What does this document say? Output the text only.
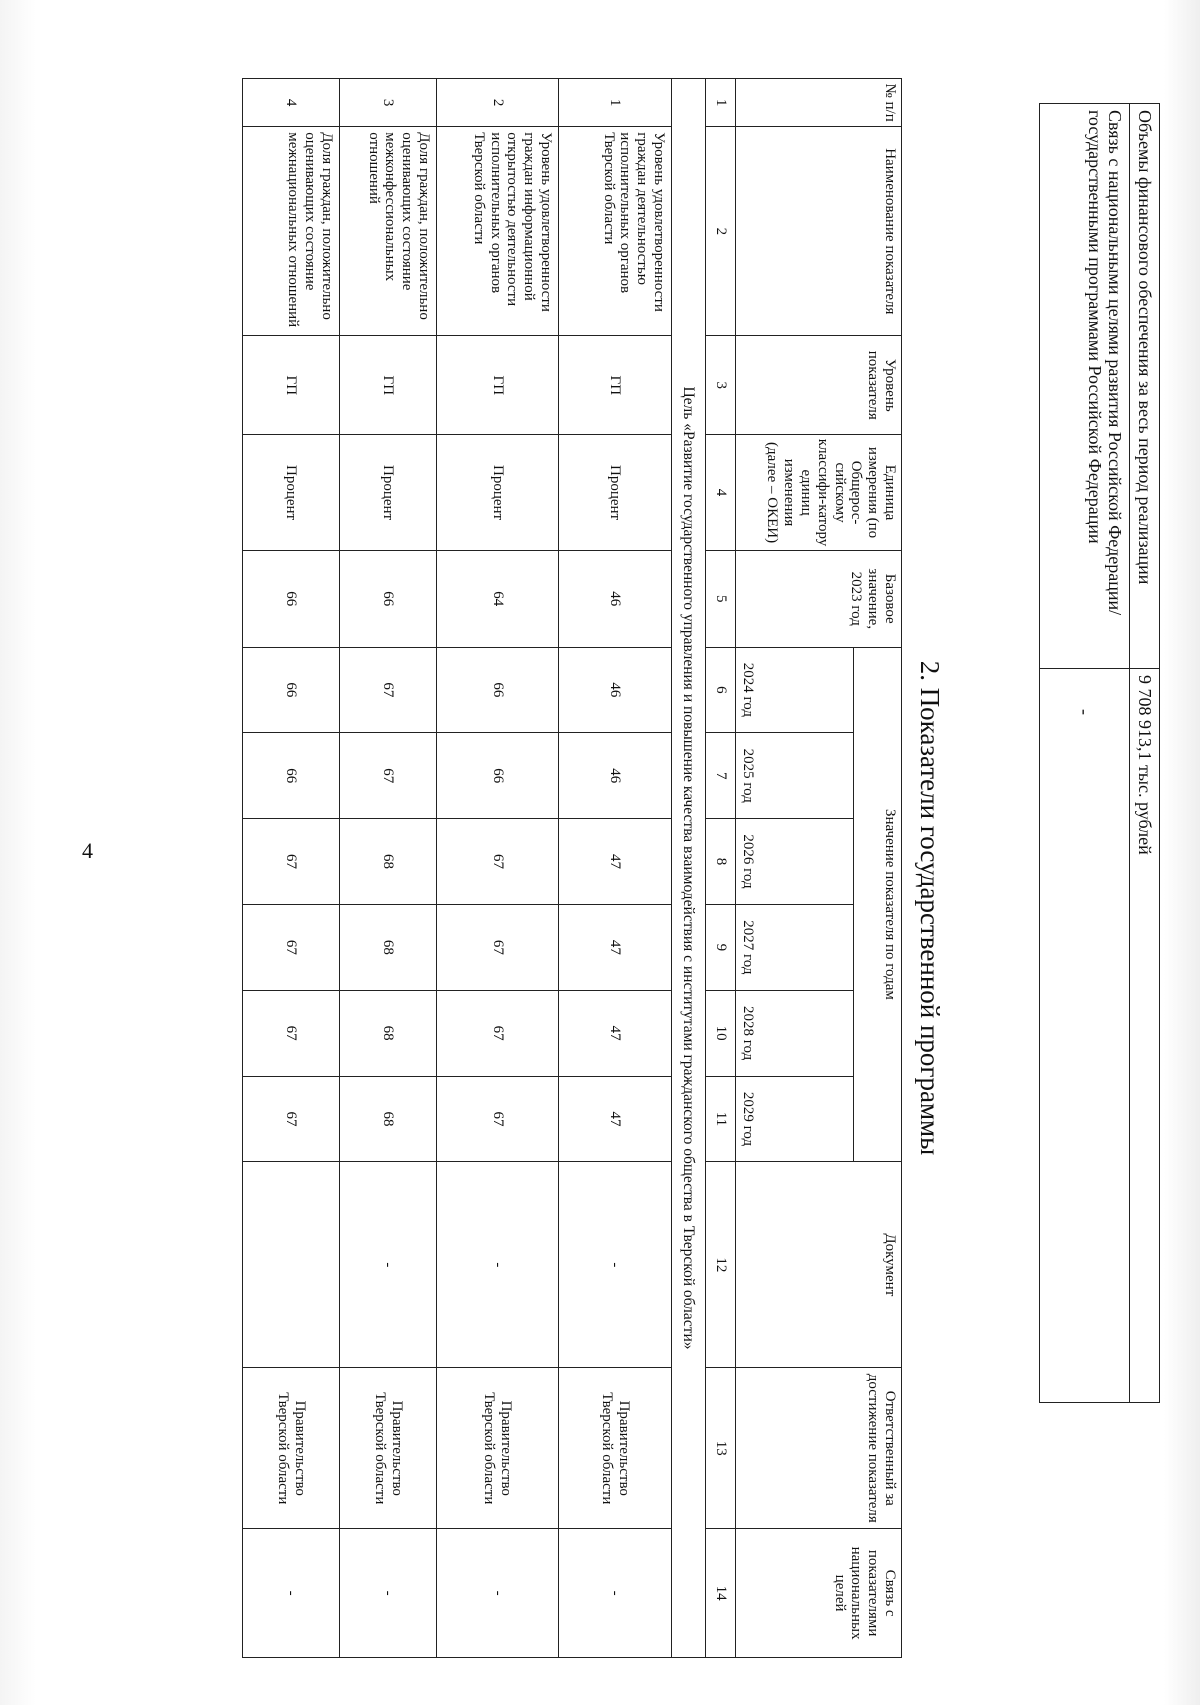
4
Объемы финансового обеспечения за весь период реализации	9 708 913,1 тыс. рублей
Связь с национальными целями развития Российской Федерации/государственными программами Российской Федерации	-
2. Показатели государственной программы
№ п/п	Наименование показателя	Уровень показателя	Единица измерения (по Общерос-сийскому классифи-катору единиц изменения (далее – ОКЕИ)	Базовое значение, 2023 год	Значение показателя по годам						Документ	Ответственный за достижение показателя	Связь с показателями национальных целей
					2024 год	2025 год	2026 год	2027 год	2028 год	2029 год			
1	2	3	4	5	6	7	8	9	10	11	12	13	14
Цель «Развитие государственного управления и повышение качества взаимодействия с институтами гражданского общества в Тверской области»													
1	Уровень удовлетворенности граждан деятельностью исполнительных органов Тверской области	ГП	Процент	46	46	46	47	47	47	47	-	Правительство Тверской области	-
2	Уровень удовлетворенности граждан информационной открытостью деятельности исполнительных органов Тверской области	ГП	Процент	64	66	66	67	67	67	67	-	Правительство Тверской области	-
3	Доля граждан, положительно оценивающих состояние межконфессиональных отношений	ГП	Процент	66	67	67	68	68	68	68	-	Правительство Тверской области	-
4	Доля граждан, положительно оценивающих состояние межнациональных отношений	ГП	Процент	66	66	66	67	67	67	67		Правительство Тверской области	-
